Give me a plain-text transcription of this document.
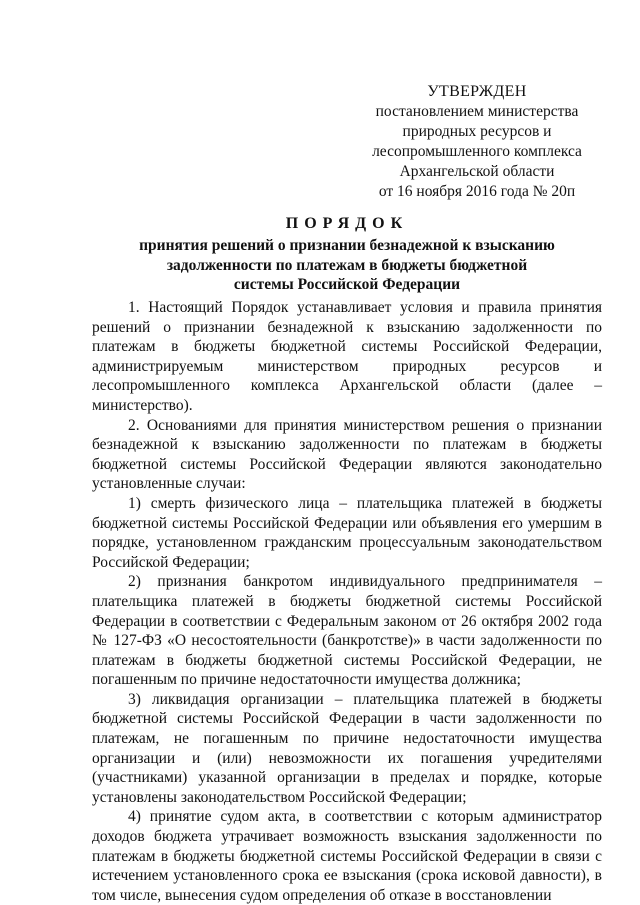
УТВЕРЖДЕН
постановлением министерства
природных ресурсов и
лесопромышленного комплекса
Архангельской области
от 16 ноября 2016 года № 20п
ПОРЯДОК
принятия решений о признании безнадежной к взысканию
задолженности по платежам в бюджеты бюджетной
системы Российской Федерации

1. Настоящий Порядок устанавливает условия и правила принятия решений о признании безнадежной к взысканию задолженности по платежам в бюджеты бюджетной системы Российской Федерации, администрируемым министерством природных ресурсов и лесопромышленного комплекса Архангельской области (далее – министерство).

2. Основаниями для принятия министерством решения о признании безнадежной к взысканию задолженности по платежам в бюджеты бюджетной системы Российской Федерации являются законодательно установленные случаи:

1) смерть физического лица – плательщика платежей в бюджеты бюджетной системы Российской Федерации или объявления его умершим в порядке, установленном гражданским процессуальным законодательством Российской Федерации;

2) признания банкротом индивидуального предпринимателя – плательщика платежей в бюджеты бюджетной системы Российской Федерации в соответствии с Федеральным законом от 26 октября 2002 года № 127-ФЗ «О несостоятельности (банкротстве)» в части задолженности по платежам в бюджеты бюджетной системы Российской Федерации, не погашенным по причине недостаточности имущества должника;

3) ликвидация организации – плательщика платежей в бюджеты бюджетной системы Российской Федерации в части задолженности по платежам, не погашенным по причине недостаточности имущества организации и (или) невозможности их погашения учредителями (участниками) указанной организации в пределах и порядке, которые установлены законодательством Российской Федерации;

4) принятие судом акта, в соответствии с которым администратор доходов бюджета утрачивает возможность взыскания задолженности по платежам в бюджеты бюджетной системы Российской Федерации в связи с истечением установленного срока ее взыскания (срока исковой давности), в том числе, вынесения судом определения об отказе в восстановлении
